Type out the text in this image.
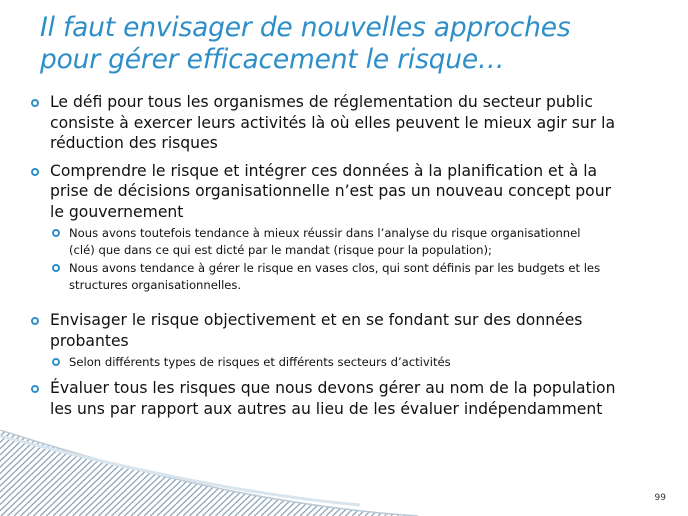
Il faut envisager de nouvelles approches
pour gérer efficacement le risque…
Le défi pour tous les organismes de réglementation du secteur public
consiste à exercer leurs activités là où elles peuvent le mieux agir sur la
réduction des risques
Comprendre le risque et intégrer ces données à la planification et à la
prise de décisions organisationnelle n’est pas un nouveau concept pour
le gouvernement
Nous avons toutefois tendance à mieux réussir dans l’analyse du risque organisationnel
(clé) que dans ce qui est dicté par le mandat (risque pour la population);
Nous avons tendance à gérer le risque en vases clos, qui sont définis par les budgets et les
structures organisationnelles.
Envisager le risque objectivement et en se fondant sur des données
probantes
Selon différents types de risques et différents secteurs d’activités
Évaluer tous les risques que nous devons gérer au nom de la population
les uns par rapport aux autres au lieu de les évaluer indépendamment
99
